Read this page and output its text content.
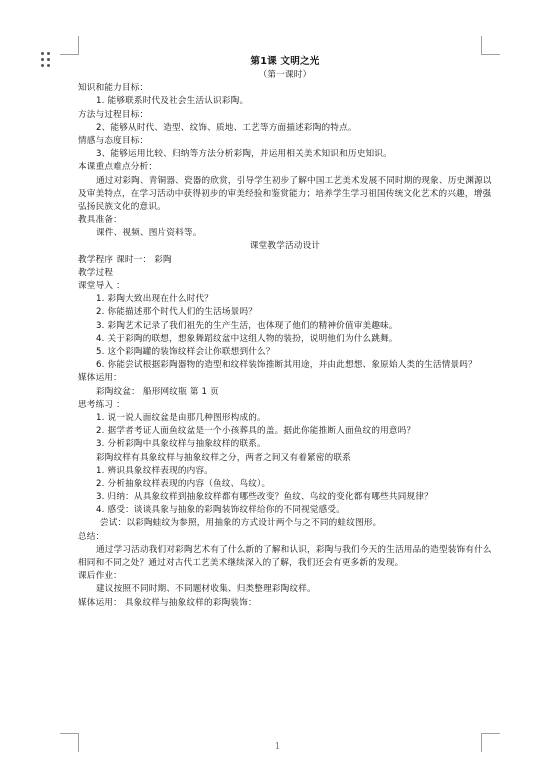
第1课 文明之光
（第一课时）
知识和能力目标：
1. 能够联系时代及社会生活认识彩陶。
方法与过程目标：
2、能够从时代、造型、纹饰、质地、工艺等方面描述彩陶的特点。
情感与态度目标：
3、能够运用比较、归纳等方法分析彩陶，并运用相关美术知识和历史知识。
本课重点难点分析：
通过对彩陶、青铜器、瓷器的欣赏，引导学生初步了解中国工艺美术发展不同时期的现象、历史渊源以及审美特点，在学习活动中获得初步的审美经验和鉴赏能力；培养学生学习祖国传统文化艺术的兴趣，增强弘扬民族文化的意识。
教具准备：
课件、视频、图片资料等。
课堂教学活动设计
教学程序 课时一： 彩陶
教学过程
课堂导入 ：
1. 彩陶大致出现在什么时代？
2. 你能描述那个时代人们的生活场景吗？
3. 彩陶艺术记录了我们祖先的生产生活，也体现了他们的精神价值审美趣味。
4. 关于彩陶的联想，想象舞蹈纹盆中这组人物的装扮，说明他们为什么跳舞。
5. 这个彩陶罐的装饰纹样会让你联想到什么？
6. 你能尝试根据彩陶器物的造型和纹样装饰推断其用途，并由此想想、象原始人类的生活情景吗？
媒体运用：
彩陶纹盆： 船形网纹瓶 第 1 页
思考练习 ：
1. 说一说人面纹盆是由那几种图形构成的。
2. 据学者考证人面鱼纹盆是一个小孩葬具的盖。据此你能推断人面鱼纹的用意吗？
3. 分析彩陶中具象纹样与抽象纹样的联系。
彩陶纹样有具象纹样与抽象纹样之分，两者之间又有着紧密的联系
1. 辨识具象纹样表现的内容。
2. 分析抽象纹样表现的内容（鱼纹、鸟纹）。
3. 归纳：从具象纹样到抽象纹样都有哪些改变？鱼纹、鸟纹的变化都有哪些共同规律？
4. 感受：谈谈具象与抽象的彩陶装饰纹样给你的不同视觉感受。
尝试：以彩陶蛙纹为参照，用抽象的方式设计两个与之不同的蛙纹图形。
总结：
通过学习活动我们对彩陶艺术有了什么新的了解和认识，彩陶与我们今天的生活用品的造型装饰有什么相同和不同之处？通过对古代工艺美术继续深入的了解，我们还会有更多新的发现。
课后作业：
建议按照不同时期、不同题材收集、归类整理彩陶纹样。
媒体运用： 具象纹样与抽象纹样的彩陶装饰：
1
